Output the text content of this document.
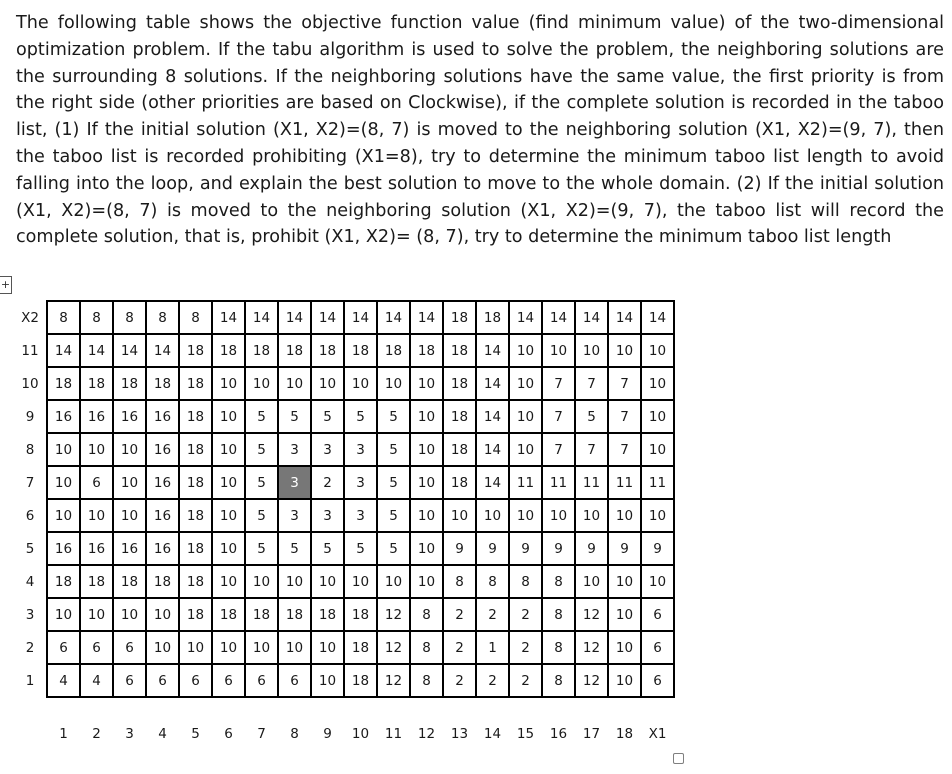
The following table shows the objective function value (find minimum value) of the two-dimensional optimization problem. If the tabu algorithm is used to solve the problem, the neighboring solutions are the surrounding 8 solutions. If the neighboring solutions have the same value, the first priority is from the right side (other priorities are based on Clockwise), if the complete solution is recorded in the taboo list, (1) If the initial solution (X1, X2)=(8, 7) is moved to the neighboring solution (X1, X2)=(9, 7), then the taboo list is recorded prohibiting (X1=8), try to determine the minimum taboo list length to avoid falling into the loop, and explain the best solution to move to the whole domain. (2) If the initial solution (X1, X2)=(8, 7) is moved to the neighboring solution (X1, X2)=(9, 7), the taboo list will record the complete solution, that is, prohibit (X1, X2)= (8, 7), try to determine the minimum taboo list length

+
X2	8	8	8	8	8	14	14	14	14	14	14	14	18	18	14	14	14	14	14
11	14	14	14	14	18	18	18	18	18	18	18	18	18	14	10	10	10	10	10
10	18	18	18	18	18	10	10	10	10	10	10	10	18	14	10	7	7	7	10
9	16	16	16	16	18	10	5	5	5	5	5	10	18	14	10	7	5	7	10
8	10	10	10	16	18	10	5	3	3	3	5	10	18	14	10	7	7	7	10
7	10	6	10	16	18	10	5	3	2	3	5	10	18	14	11	11	11	11	11
6	10	10	10	16	18	10	5	3	3	3	5	10	10	10	10	10	10	10	10
5	16	16	16	16	18	10	5	5	5	5	5	10	9	9	9	9	9	9	9
4	18	18	18	18	18	10	10	10	10	10	10	10	8	8	8	8	10	10	10
3	10	10	10	10	18	18	18	18	18	18	12	8	2	2	2	8	12	10	6
2	6	6	6	10	10	10	10	10	10	18	12	8	2	1	2	8	12	10	6
1	4	4	6	6	6	6	6	6	10	18	12	8	2	2	2	8	12	10	6
1	2	3	4	5	6	7	8	9	10	11	12	13	14	15	16	17	18	X1
